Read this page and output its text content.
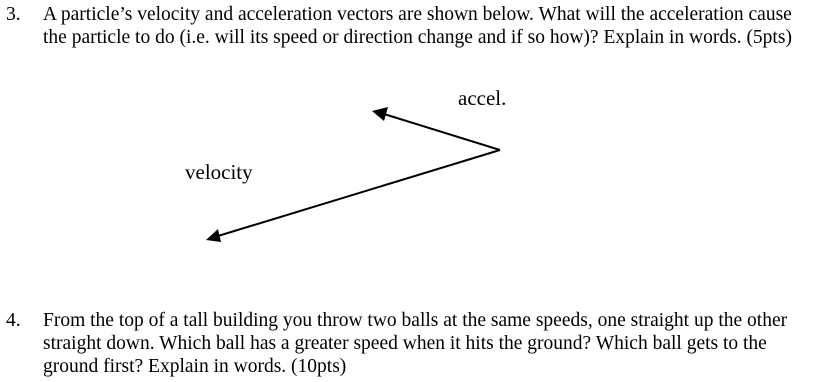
3. A particle’s velocity and acceleration vectors are shown below. What will the acceleration cause
the particle to do (i.e. will its speed or direction change and if so how)? Explain in words. (5pts)
accel.
velocity
4. From the top of a tall building you throw two balls at the same speeds, one straight up the other
straight down. Which ball has a greater speed when it hits the ground? Which ball gets to the
ground first? Explain in words. (10pts)
